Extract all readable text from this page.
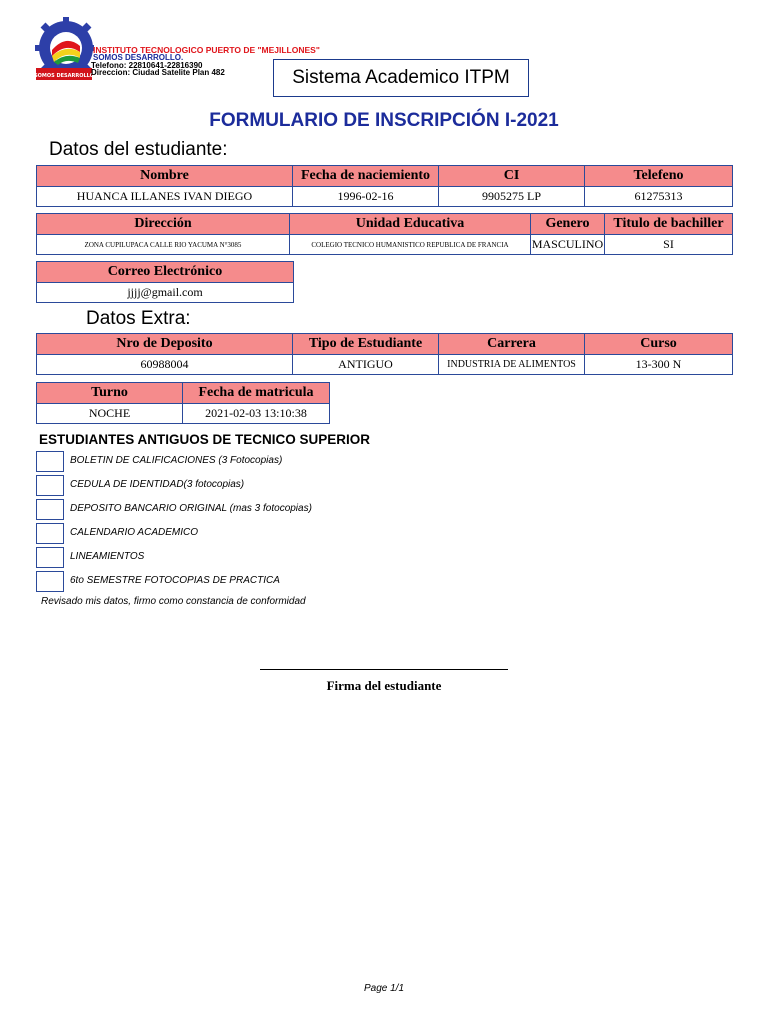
SOMOS DESARROLLO
INSTITUTO TECNOLOGICO PUERTO DE "MEJILLONES"
SOMOS DESARROLLO.
Telefono: 22810641-22816390
Direccion: Ciudad Satelite Plan 482	Sistema Academico ITPM
FORMULARIO DE INSCRIPCIÓN I-2021
Datos del estudiante:
Nombre	Fecha de naciemiento	CI	Telefeno
HUANCA ILLANES IVAN DIEGO	1996-02-16	9905275 LP	61275313
Dirección	Unidad Educativa	Genero	Titulo de bachiller
ZONA CUPILUPACA CALLE RIO YACUMA N°3085	COLEGIO TECNICO HUMANISTICO REPUBLICA DE FRANCIA	MASCULINO	SI
Correo Electrónico
jjjj@gmail.com
Datos Extra:
Nro de Deposito	Tipo de Estudiante	Carrera	Curso
60988004	ANTIGUO	INDUSTRIA DE ALIMENTOS	13-300 N
Turno	Fecha de matricula
NOCHE	2021-02-03 13:10:38
ESTUDIANTES ANTIGUOS DE TECNICO SUPERIOR
BOLETIN DE CALIFICACIONES (3 Fotocopias)
CEDULA DE IDENTIDAD(3 fotocopias)
DEPOSITO BANCARIO ORIGINAL (mas 3 fotocopias)
CALENDARIO ACADEMICO
LINEAMIENTOS
6to SEMESTRE FOTOCOPIAS DE PRACTICA
Revisado mis datos, firmo como constancia de conformidad
Firma del estudiante
Page 1/1
